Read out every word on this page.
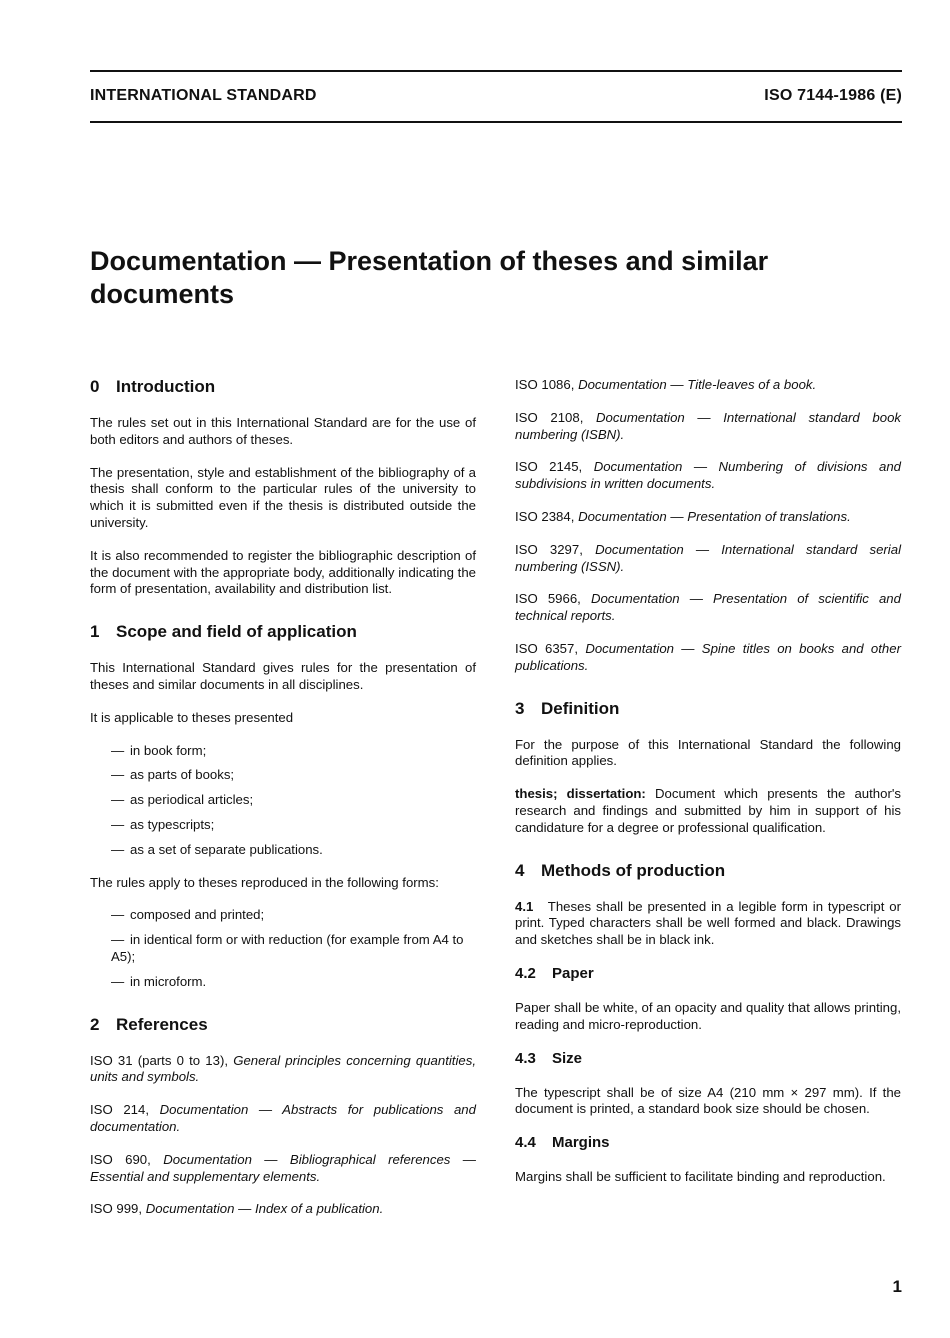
INTERNATIONAL STANDARD	ISO 7144-1986 (E)
Documentation — Presentation of theses and similar documents
0 Introduction

The rules set out in this International Standard are for the use of both editors and authors of theses.

The presentation, style and establishment of the bibliography of a thesis shall conform to the particular rules of the university to which it is submitted even if the thesis is distributed outside the university.

It is also recommended to register the bibliographic description of the document with the appropriate body, additionally indicating the form of presentation, availability and distribution list.

1 Scope and field of application

This International Standard gives rules for the presentation of theses and similar documents in all disciplines.

It is applicable to theses presented

— in book form;
— as parts of books;
— as periodical articles;
— as typescripts;
— as a set of separate publications.

The rules apply to theses reproduced in the following forms:

— composed and printed;
— in identical form or with reduction (for example from A4 to A5);
— in microform.
2 References

ISO 31 (parts 0 to 13), General principles concerning quantities, units and symbols.

ISO 214, Documentation — Abstracts for publications and documentation.

ISO 690, Documentation — Bibliographical references — Essential and supplementary elements.

ISO 999, Documentation — Index of a publication.

ISO 1086, Documentation — Title-leaves of a book.

ISO 2108, Documentation — International standard book numbering (ISBN).

ISO 2145, Documentation — Numbering of divisions and subdivisions in written documents.

ISO 2384, Documentation — Presentation of translations.

ISO 3297, Documentation — International standard serial numbering (ISSN).

ISO 5966, Documentation — Presentation of scientific and technical reports.

ISO 6357, Documentation — Spine titles on books and other publications.

3 Definition

For the purpose of this International Standard the following definition applies.

thesis; dissertation: Document which presents the author's research and findings and submitted by him in support of his candidature for a degree or professional qualification.

4 Methods of production

4.1 Theses shall be presented in a legible form in typescript or print. Typed characters shall be well formed and black. Drawings and sketches shall be in black ink.

4.2 Paper

Paper shall be white, of an opacity and quality that allows printing, reading and micro-reproduction.

4.3 Size

The typescript shall be of size A4 (210 mm × 297 mm). If the document is printed, a standard book size should be chosen.

4.4 Margins

Margins shall be sufficient to facilitate binding and reproduction.

1
